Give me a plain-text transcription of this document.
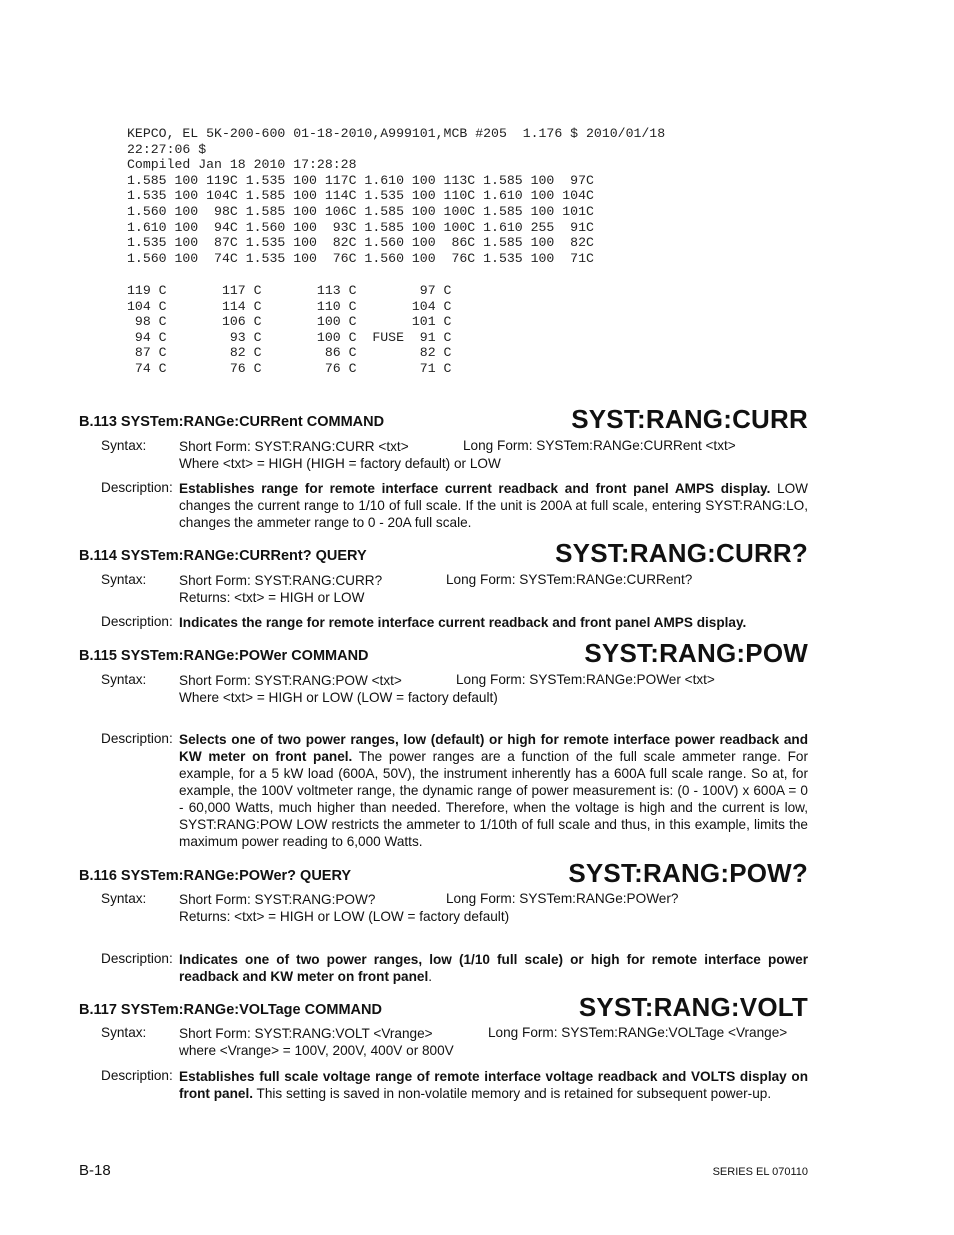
KEPCO, EL 5K-200-600 01-18-2010,A999101,MCB #205  1.176 $ 2010/01/18
22:27:06 $
Compiled Jan 18 2010 17:28:28
1.585 100 119C 1.535 100 117C 1.610 100 113C 1.585 100  97C
1.535 100 104C 1.585 100 114C 1.535 100 110C 1.610 100 104C
1.560 100  98C 1.585 100 106C 1.585 100 100C 1.585 100 101C
1.610 100  94C 1.560 100  93C 1.585 100 100C 1.610 255  91C
1.535 100  87C 1.535 100  82C 1.560 100  86C 1.585 100  82C
1.560 100  74C 1.535 100  76C 1.560 100  76C 1.535 100  71C
119 C       117 C       113 C        97 C
104 C       114 C       110 C       104 C
98 C       106 C       100 C       101 C
94 C        93 C       100 C  FUSE  91 C
87 C        82 C        86 C        82 C
74 C        76 C        76 C        71 C
B.113 SYSTem:RANGe:CURRent COMMAND	SYST:RANG:CURR
Syntax: Short Form: SYST:RANG:CURR <txt>	Long Form: SYSTem:RANGe:CURRent <txt>
Where <txt> = HIGH (HIGH = factory default) or LOW
Description: Establishes range for remote interface current readback and front panel AMPS display. LOW changes the current range to 1/10 of full scale. If the unit is 200A at full scale, entering SYST:RANG:LO, changes the ammeter range to 0 - 20A full scale.

B.114 SYSTem:RANGe:CURRent? QUERY	SYST:RANG:CURR?
Syntax: Short Form: SYST:RANG:CURR?	Long Form: SYSTem:RANGe:CURRent?
Returns: <txt> = HIGH or LOW
Description: Indicates the range for remote interface current readback and front panel AMPS display.

B.115 SYSTem:RANGe:POWer COMMAND	SYST:RANG:POW
Syntax: Short Form: SYST:RANG:POW <txt>	Long Form: SYSTem:RANGe:POWer <txt>
Where <txt> = HIGH or LOW (LOW = factory default)
Description: Selects one of two power ranges, low (default) or high for remote interface power readback and KW meter on front panel. The power ranges are a function of the full scale ammeter range. For example, for a 5 kW load (600A, 50V), the instrument inherently has a 600A full scale range. So at, for example, the 100V voltmeter range, the dynamic range of power measurement is: (0 - 100V) x 600A = 0 - 60,000 Watts, much higher than needed. Therefore, when the voltage is high and the current is low, SYST:RANG:POW LOW restricts the ammeter to 1/10th of full scale and thus, in this example, limits the maximum power reading to 6,000 Watts.

B.116 SYSTem:RANGe:POWer? QUERY	SYST:RANG:POW?
Syntax: Short Form: SYST:RANG:POW?	Long Form: SYSTem:RANGe:POWer?
Returns: <txt> = HIGH or LOW (LOW = factory default)
Description: Indicates one of two power ranges, low (1/10 full scale) or high for remote interface power readback and KW meter on front panel.

B.117 SYSTem:RANGe:VOLTage COMMAND	SYST:RANG:VOLT
Syntax: Short Form: SYST:RANG:VOLT <Vrange>	Long Form: SYSTem:RANGe:VOLTage <Vrange>
where <Vrange> = 100V, 200V, 400V or 800V
Description: Establishes full scale voltage range of remote interface voltage readback and VOLTS display on front panel. This setting is saved in non-volatile memory and is retained for subsequent power-up.

B-18	SERIES EL 070110
